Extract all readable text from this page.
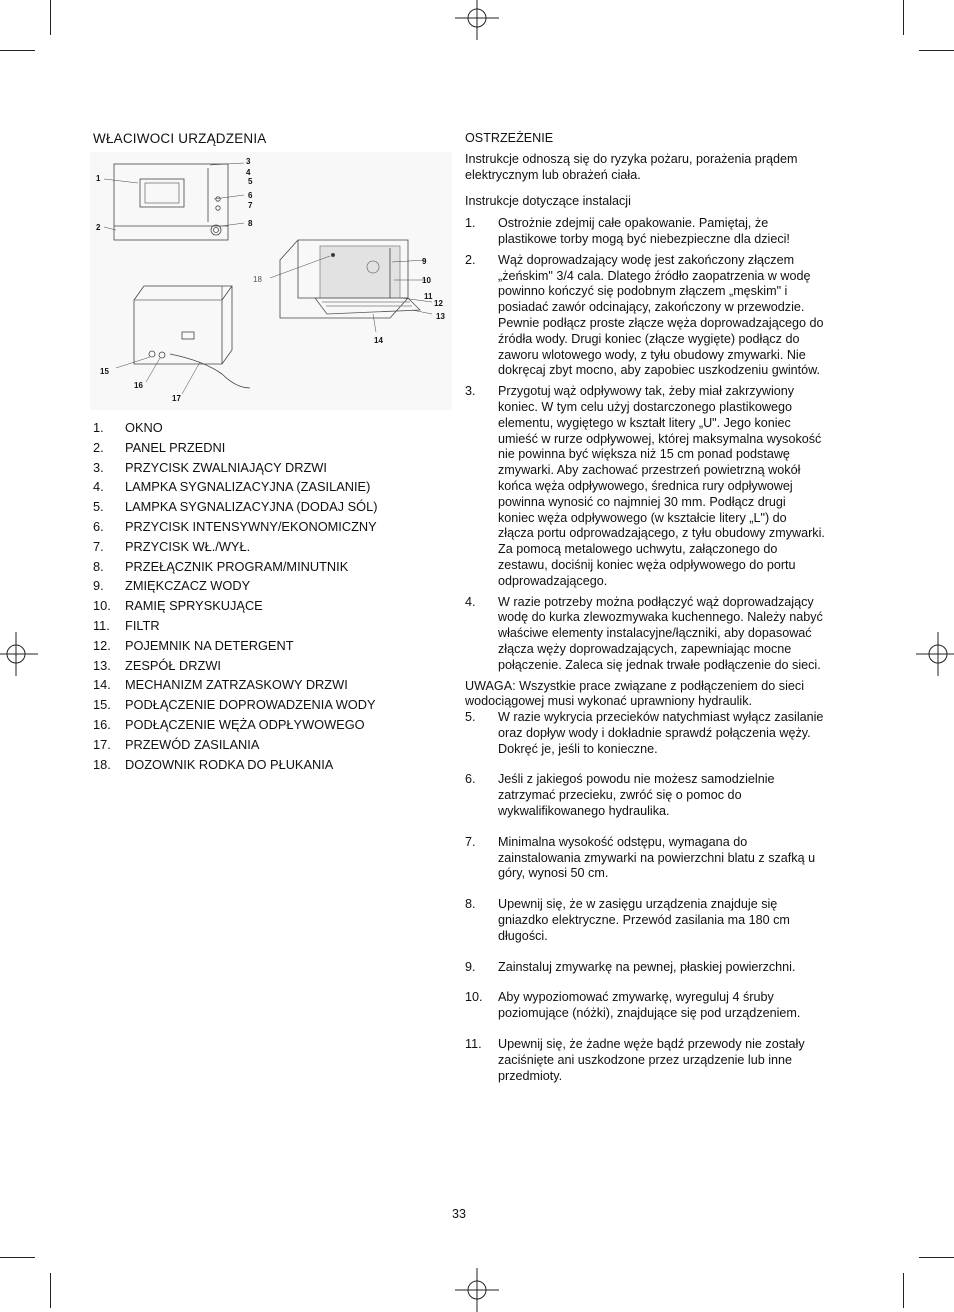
WŁACIWOCI URZĄDZENIA
1
2
3
4
5
6
7
8
9
10
11
12
13
14
15
16
17
18
1. OKNO
2. PANEL PRZEDNI
3. PRZYCISK ZWALNIAJĄCY DRZWI
4. LAMPKA SYGNALIZACYJNA (ZASILANIE)
5. LAMPKA SYGNALIZACYJNA (DODAJ SÓL)
6. PRZYCISK INTENSYWNY/EKONOMICZNY
7. PRZYCISK WŁ./WYŁ.
8. PRZEŁĄCZNIK PROGRAM/MINUTNIK
9. ZMIĘKCZACZ WODY
10. RAMIĘ SPRYSKUJĄCE
11. FILTR
12. POJEMNIK NA DETERGENT
13. ZESPÓŁ DRZWI
14. MECHANIZM ZATRZASKOWY DRZWI
15. PODŁĄCZENIE DOPROWADZENIA WODY
16. PODŁĄCZENIE WĘŻA ODPŁYWOWEGO
17. PRZEWÓD ZASILANIA
18. DOZOWNIK RODKA DO PŁUKANIA

OSTRZEŻENIE

Instrukcje odnoszą się do ryzyka pożaru, porażenia prądem elektrycznym lub obrażeń ciała.

Instrukcje dotyczące instalacji

1. Ostrożnie zdejmij całe opakowanie. Pamiętaj, że plastikowe torby mogą być niebezpieczne dla dzieci!
2. Wąż doprowadzający wodę jest zakończony złączem „żeńskim" 3/4 cala. Dlatego źródło zaopatrzenia w wodę powinno kończyć się podobnym złączem „męskim" i posiadać zawór odcinający, zakończony w przewodzie. Pewnie podłącz proste złącze węża doprowadzającego do źródła wody. Drugi koniec (złącze wygięte) podłącz do zaworu wlotowego wody, z tyłu obudowy zmywarki. Nie dokręcaj zbyt mocno, aby zapobiec uszkodzeniu gwintów.
3. Przygotuj wąż odpływowy tak, żeby miał zakrzywiony koniec. W tym celu użyj dostarczonego plastikowego elementu, wygiętego w kształt litery „U". Jego koniec umieść w rurze odpływowej, której maksymalna wysokość nie powinna być większa niż 15 cm ponad podstawę zmywarki. Aby zachować przestrzeń powietrzną wokół końca węża odpływowego, średnica rury odpływowej powinna wynosić co najmniej 30 mm. Podłącz drugi koniec węża odpływowego (w kształcie litery „L") do złącza portu odprowadzającego, z tyłu obudowy zmywarki. Za pomocą metalowego uchwytu, załączonego do zestawu, dociśnij koniec węża odpływowego do portu odprowadzającego.
4. W razie potrzeby można podłączyć wąż doprowadzający wodę do kurka zlewozmywaka kuchennego. Należy nabyć właściwe elementy instalacyjne/łączniki, aby dopasować złącza węży doprowadzających, zapewniając mocne połączenie. Zaleca się jednak trwałe podłączenie do sieci.

UWAGA: Wszystkie prace związane z podłączeniem do sieci wodociągowej musi wykonać uprawniony hydraulik.

5. W razie wykrycia przecieków natychmiast wyłącz zasilanie oraz dopływ wody i dokładnie sprawdź połączenia węży. Dokręć je, jeśli to konieczne.
6. Jeśli z jakiegoś powodu nie możesz samodzielnie zatrzymać przecieku, zwróć się o pomoc do wykwalifikowanego hydraulika.
7. Minimalna wysokość odstępu, wymagana do zainstalowania zmywarki na powierzchni blatu z szafką u góry, wynosi 50 cm.
8. Upewnij się, że w zasięgu urządzenia znajduje się gniazdko elektryczne. Przewód zasilania ma 180 cm długości.
9. Zainstaluj zmywarkę na pewnej, płaskiej powierzchni.
10. Aby wypoziomować zmywarkę, wyreguluj 4 śruby poziomujące (nóżki), znajdujące się pod urządzeniem.
11. Upewnij się, że żadne węże bądź przewody nie zostały zaciśnięte ani uszkodzone przez urządzenie lub inne przedmioty.
33
